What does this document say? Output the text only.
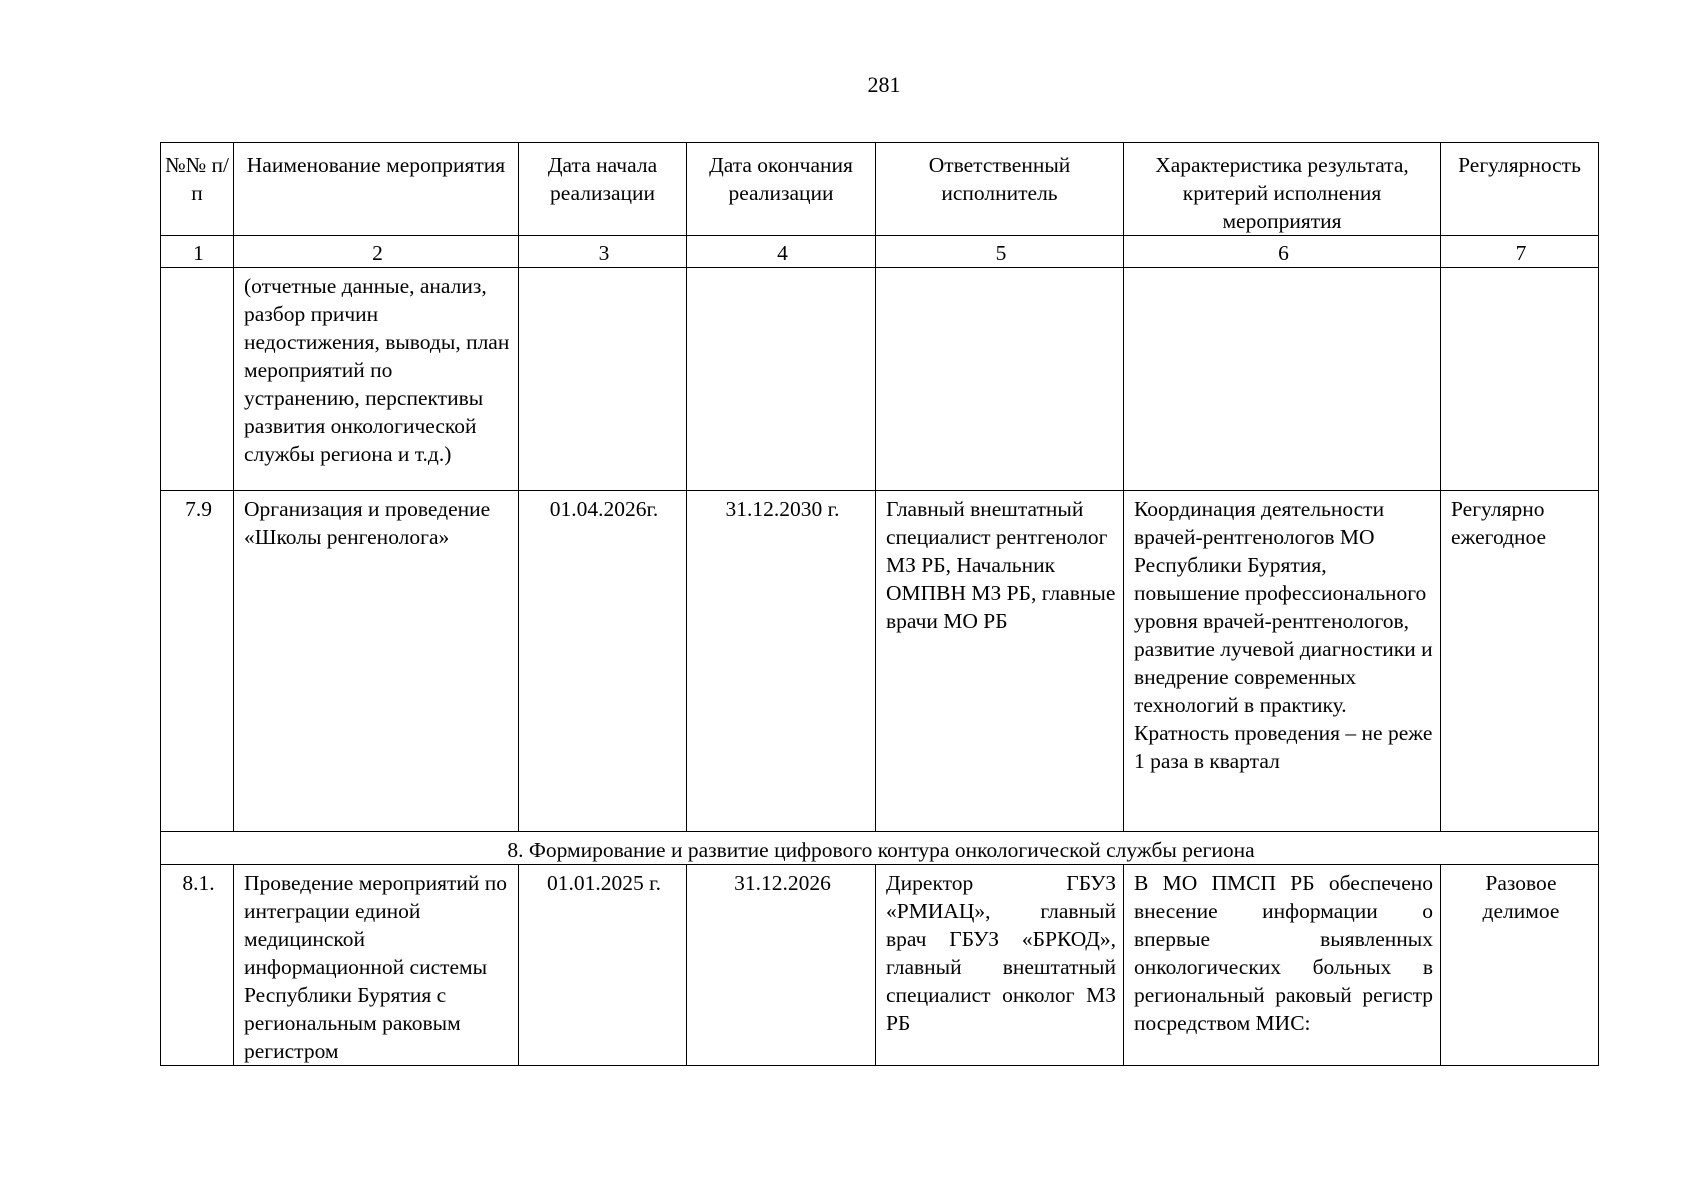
281
№№ п/п	Наименование мероприятия	Дата начала реализации	Дата окончания реализации	Ответственный исполнитель	Характеристика результата, критерий исполнения мероприятия	Регулярность
1	2	3	4	5	6	7
	(отчетные данные, анализ, разбор причин недостижения, выводы, план мероприятий по устранению, перспективы развития онкологической службы региона и т.д.)					
7.9	Организация и проведение «Школы ренгенолога»	01.04.2026г.	31.12.2030 г.	Главный внештатный специалист рентгенолог МЗ РБ, Начальник ОМПВН МЗ РБ, главные врачи МО РБ	Координация деятельности врачей-рентгенологов МО Республики Бурятия, повышение профессионального уровня врачей-рентгенологов, развитие лучевой диагностики и внедрение современных технологий в практику. Кратность проведения – не реже 1 раза в квартал	Регулярно ежегодное
8. Формирование и развитие цифрового контура онкологической службы региона						
8.1.	Проведение мероприятий по интеграции единой медицинской информационной системы Республики Бурятия с региональным раковым регистром	01.01.2025 г.	31.12.2026	Директор ГБУЗ «РМИАЦ», главный врач ГБУЗ «БРКОД», главный внештатный специалист онколог МЗ РБ	В МО ПМСП РБ обеспечено внесение информации о впервые выявленных онкологических больных в региональный раковый регистр посредством МИС:	Разовое делимое
